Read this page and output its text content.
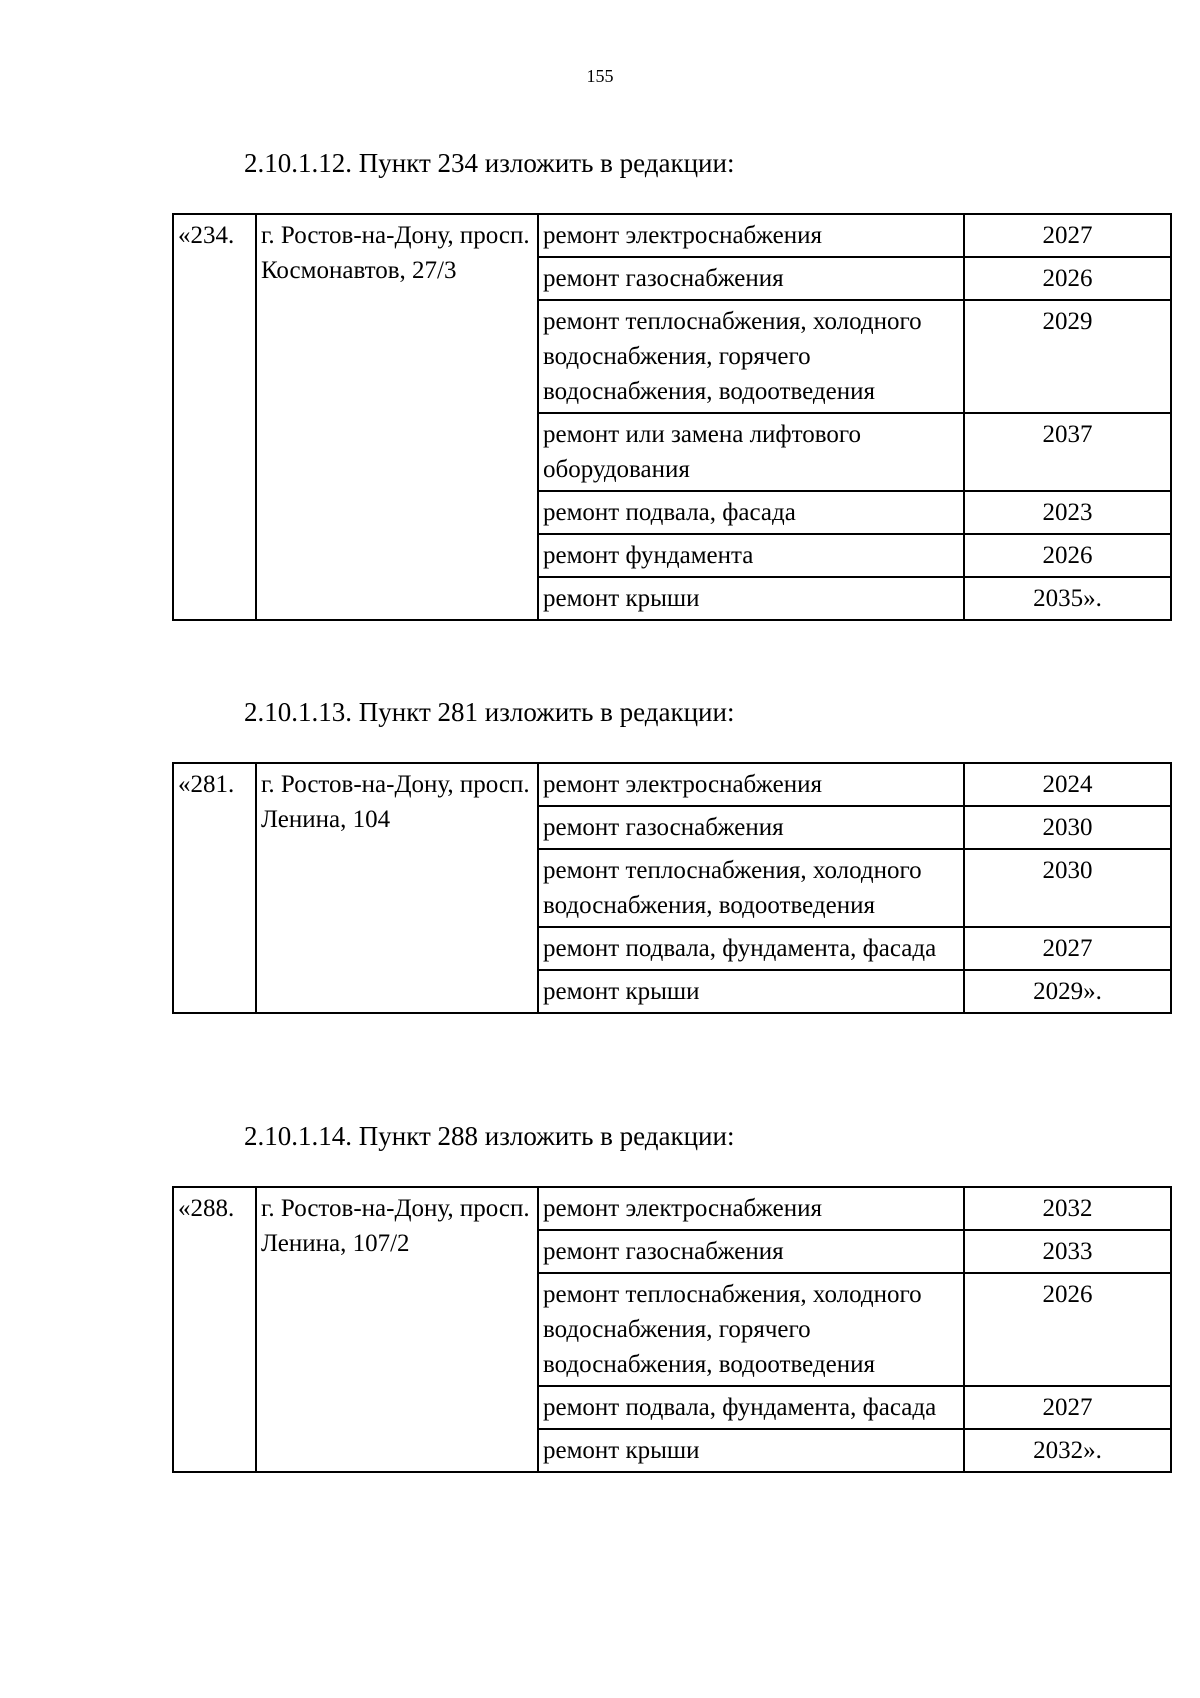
155
2.10.1.12. Пункт 234 изложить в редакции:
«234.	г. Ростов-на-Дону, просп. Космонавтов, 27/3	ремонт электроснабжения	2027
		ремонт газоснабжения	2026
		ремонт теплоснабжения, холодного водоснабжения, горячего водоснабжения, водоотведения	2029
		ремонт или замена лифтового оборудования	2037
		ремонт подвала, фасада	2023
		ремонт фундамента	2026
		ремонт крыши	2035».
2.10.1.13. Пункт 281 изложить в редакции:
«281.	г. Ростов-на-Дону, просп. Ленина, 104	ремонт электроснабжения	2024
		ремонт газоснабжения	2030
		ремонт теплоснабжения, холодного водоснабжения, водоотведения	2030
		ремонт подвала, фундамента, фасада	2027
		ремонт крыши	2029».
2.10.1.14. Пункт 288 изложить в редакции:
«288.	г. Ростов-на-Дону, просп. Ленина, 107/2	ремонт электроснабжения	2032
		ремонт газоснабжения	2033
		ремонт теплоснабжения, холодного водоснабжения, горячего водоснабжения, водоотведения	2026
		ремонт подвала, фундамента, фасада	2027
		ремонт крыши	2032».
